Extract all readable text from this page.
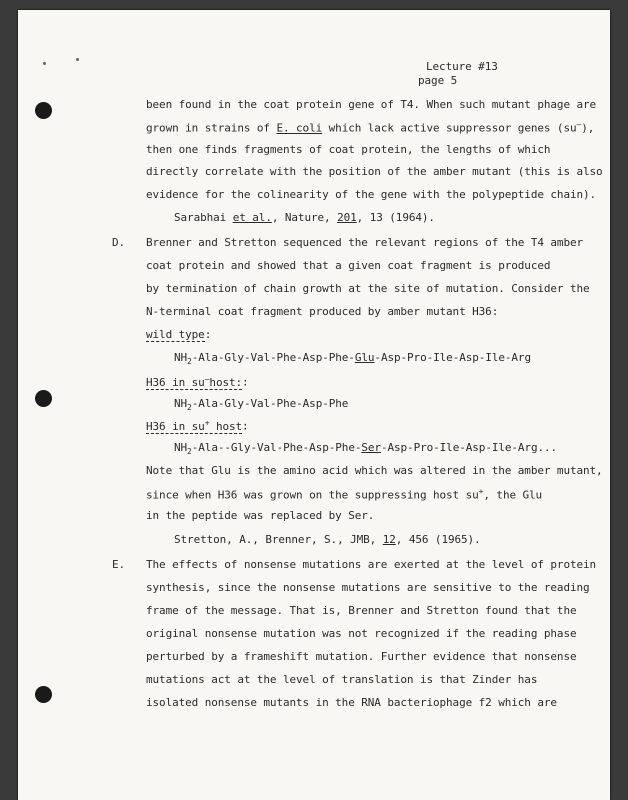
Lecture #13
page 5
been found in the coat protein gene of T4. When such mutant phage are
grown in strains of E. coli which lack active suppressor genes (su–),
then one finds fragments of coat protein, the lengths of which
directly correlate with the position of the amber mutant (this is also
evidence for the colinearity of the gene with the polypeptide chain).
Sarabhai et al., Nature, 201, 13 (1964).
D. Brenner and Stretton sequenced the relevant regions of the T4 amber
coat protein and showed that a given coat fragment is produced
by termination of chain growth at the site of mutation. Consider the
N-terminal coat fragment produced by amber mutant H36:
wild type:
$NH_2-Ala-Gly-Val-Phe-Asp-Phe-Glu-Asp-Pro-Ile-Asp-Ile$-Arg
H36 in su–host::
$NH_2-Ala-Gly-Val-Phe-Asp$-Phe
H36 in su+ host:
$NH_2-Ala--Gly-Val-Phe-Asp-Phe-Ser-Asp-Pro-Ile-Asp-Ile$-Arg...
Note that Glu is the amino acid which was altered in the amber mutant,
since when H36 was grown on the suppressing host su+, the Glu
in the peptide was replaced by Ser.
Stretton, A., Brenner, S., JMB, 12, 456 (1965).
E. The effects of nonsense mutations are exerted at the level of protein
synthesis, since the nonsense mutations are sensitive to the reading
frame of the message. That is, Brenner and Stretton found that the
original nonsense mutation was not recognized if the reading phase
perturbed by a frameshift mutation. Further evidence that nonsense
mutations act at the level of translation is that Zinder has
isolated nonsense mutants in the RNA bacteriophage f2 which are
